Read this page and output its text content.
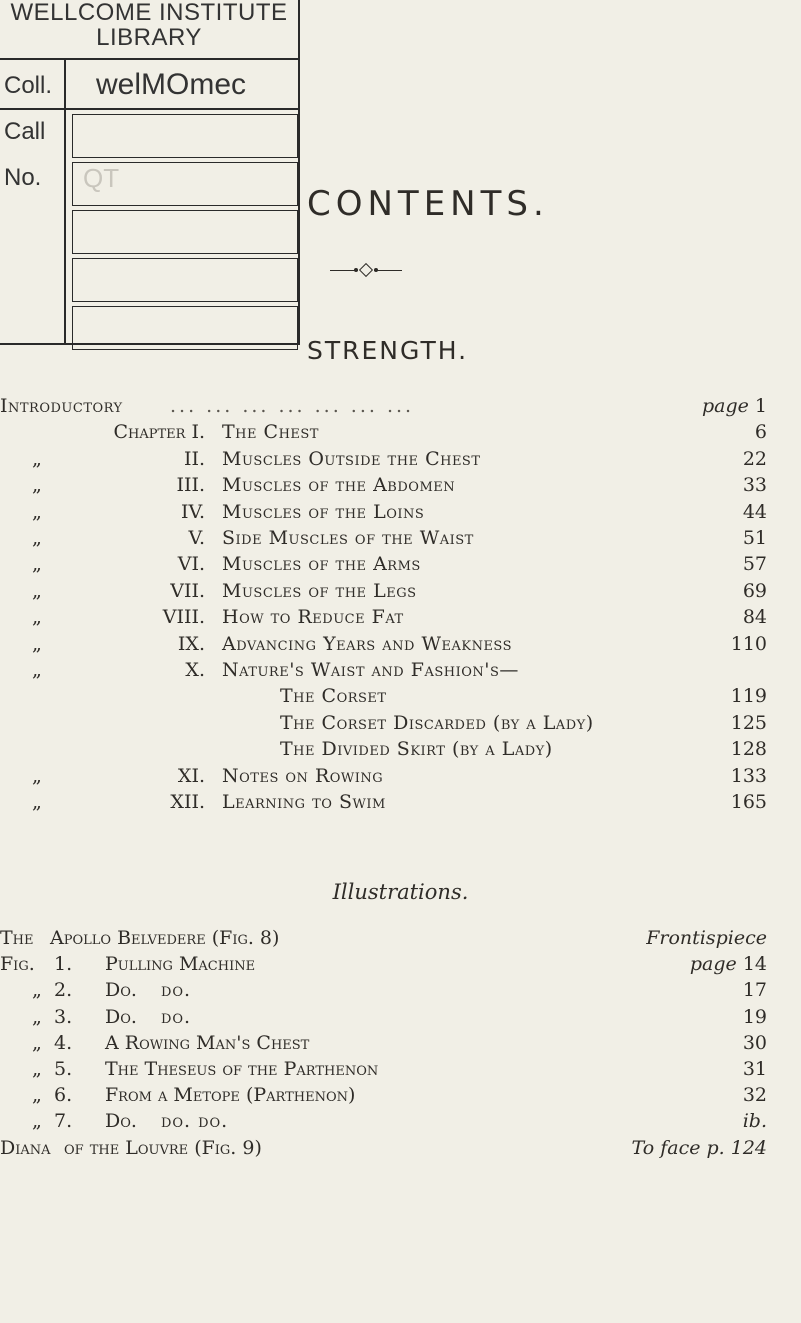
WELLCOME INSTITUTE
LIBRARY
Coll. welMOmec
Call
No. QT
CONTENTS.
STRENGTH.
Introductory ... ... ... ... ... ... ...	page 1
Chapter I. The Chest	6
„	II. Muscles Outside the Chest	22
„	III. Muscles of the Abdomen	33
„	IV. Muscles of the Loins	44
„	V. Side Muscles of the Waist	51
„	VI. Muscles of the Arms	57
„	VII. Muscles of the Legs	69
„	VIII. How to Reduce Fat	84
„	IX. Advancing Years and Weakness	110
„	X. Nature's Waist and Fashion's—
The Corset	119
The Corset Discarded (by a Lady)	125
The Divided Skirt (by a Lady)	128
„	XI. Notes on Rowing	133
„	XII. Learning to Swim	165
Illustrations.
The Apollo Belvedere (Fig. 8)	Frontispiece
Fig. 1. Pulling Machine	page 14
„ 2. Do. do.	17
„ 3. Do. do.	19
„ 4. A Rowing Man's Chest	30
„ 5. The Theseus of the Parthenon	31
„ 6. From a Metope (Parthenon)	32
„ 7. Do. do. do.	ib.
Diana of the Louvre (Fig. 9)	To face p. 124
